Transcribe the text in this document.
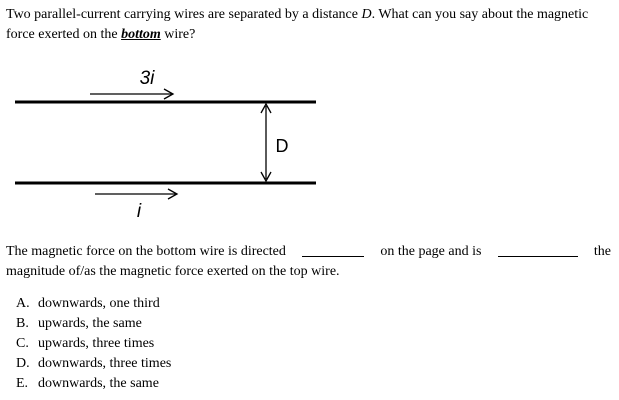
Two parallel-current carrying wires are separated by a distance D. What can you say about the magnetic force exerted on the bottom wire?

3i
D
i
The magnetic force on the bottom wire is directed	on the page and is	the
magnitude of/as the magnetic force exerted on the top wire.
A. downwards, one third
B. upwards, the same
C. upwards, three times
D. downwards, three times
E. downwards, the same
